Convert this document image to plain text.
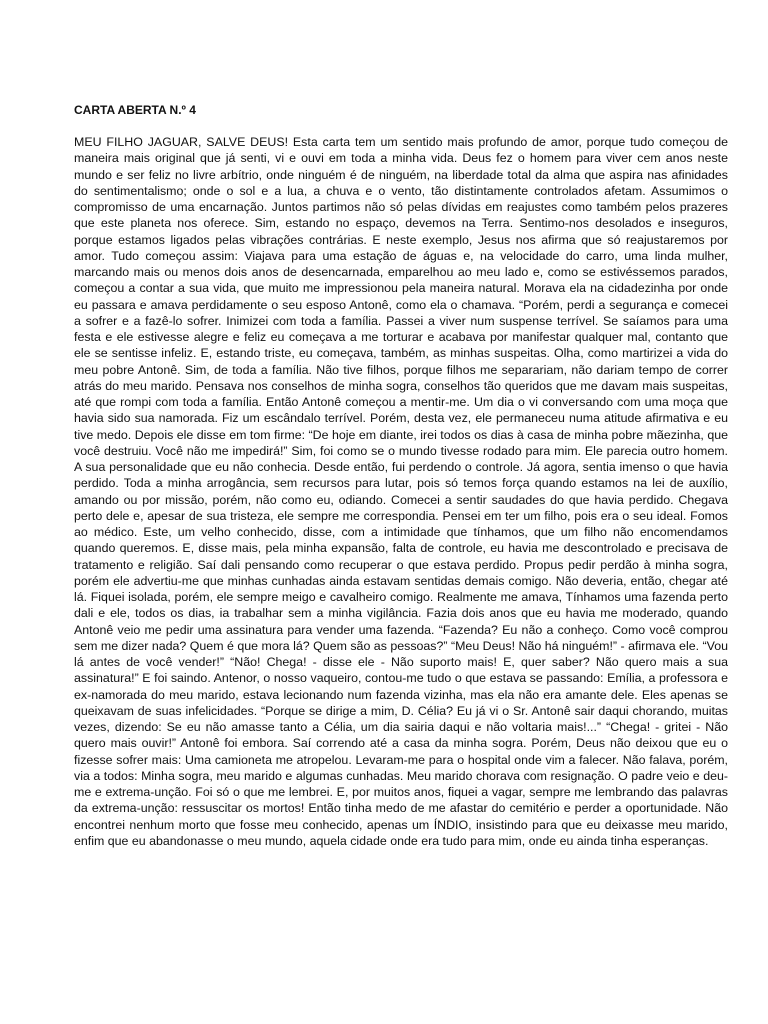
CARTA ABERTA N.º 4

MEU FILHO JAGUAR, SALVE DEUS! Esta carta tem um sentido mais profundo de amor, porque tudo começou de maneira mais original que já senti, vi e ouvi em toda a minha vida. Deus fez o homem para viver cem anos neste mundo e ser feliz no livre arbítrio, onde ninguém é de ninguém, na liberdade total da alma que aspira nas afinidades do sentimentalismo; onde o sol e a lua, a chuva e o vento, tão distintamente controlados afetam. Assumimos o compromisso de uma encarnação. Juntos partimos não só pelas dívidas em reajustes como também pelos prazeres que este planeta nos oferece. Sim, estando no espaço, devemos na Terra. Sentimo-nos desolados e inseguros, porque estamos ligados pelas vibrações contrárias. E neste exemplo, Jesus nos afirma que só reajustaremos por amor. Tudo começou assim: Viajava para uma estação de águas e, na velocidade do carro, uma linda mulher, marcando mais ou menos dois anos de desencarnada, emparelhou ao meu lado e, como se estivéssemos parados, começou a contar a sua vida, que muito me impressionou pela maneira natural. Morava ela na cidadezinha por onde eu passara e amava perdidamente o seu esposo Antonê, como ela o chamava. “Porém, perdi a segurança e comecei a sofrer e a fazê-lo sofrer. Inimizei com toda a família. Passei a viver num suspense terrível. Se saíamos para uma festa e ele estivesse alegre e feliz eu começava a me torturar e acabava por manifestar qualquer mal, contanto que ele se sentisse infeliz. E, estando triste, eu começava, também, as minhas suspeitas. Olha, como martirizei a vida do meu pobre Antonê. Sim, de toda a família. Não tive filhos, porque filhos me separariam, não dariam tempo de correr atrás do meu marido. Pensava nos conselhos de minha sogra, conselhos tão queridos que me davam mais suspeitas, até que rompi com toda a família. Então Antonê começou a mentir-me. Um dia o vi conversando com uma moça que havia sido sua namorada. Fiz um escândalo terrível. Porém, desta vez, ele permaneceu numa atitude afirmativa e eu tive medo. Depois ele disse em tom firme: “De hoje em diante, irei todos os dias à casa de minha pobre mãezinha, que você destruiu. Você não me impedirá!” Sim, foi como se o mundo tivesse rodado para mim. Ele parecia outro homem. A sua personalidade que eu não conhecia. Desde então, fui perdendo o controle. Já agora, sentia imenso o que havia perdido. Toda a minha arrogância, sem recursos para lutar, pois só temos força quando estamos na lei de auxílio, amando ou por missão, porém, não como eu, odiando. Comecei a sentir saudades do que havia perdido. Chegava perto dele e, apesar de sua tristeza, ele sempre me correspondia. Pensei em ter um filho, pois era o seu ideal. Fomos ao médico. Este, um velho conhecido, disse, com a intimidade que tínhamos, que um filho não encomendamos quando queremos. E, disse mais, pela minha expansão, falta de controle, eu havia me descontrolado e precisava de tratamento e religião. Saí dali pensando como recuperar o que estava perdido. Propus pedir perdão à minha sogra, porém ele advertiu-me que minhas cunhadas ainda estavam sentidas demais comigo. Não deveria, então, chegar até lá. Fiquei isolada, porém, ele sempre meigo e cavalheiro comigo. Realmente me amava, Tínhamos uma fazenda perto dali e ele, todos os dias, ia trabalhar sem a minha vigilância. Fazia dois anos que eu havia me moderado, quando Antonê veio me pedir uma assinatura para vender uma fazenda. “Fazenda? Eu não a conheço. Como você comprou sem me dizer nada? Quem é que mora lá? Quem são as pessoas?” “Meu Deus! Não há ninguém!” - afirmava ele. “Vou lá antes de você vender!” “Não! Chega! - disse ele - Não suporto mais! E, quer saber? Não quero mais a sua assinatura!” E foi saindo. Antenor, o nosso vaqueiro, contou-me tudo o que estava se passando: Emília, a professora e ex-namorada do meu marido, estava lecionando num fazenda vizinha, mas ela não era amante dele. Eles apenas se queixavam de suas infelicidades. “Porque se dirige a mim, D. Célia? Eu já vi o Sr. Antonê sair daqui chorando, muitas vezes, dizendo: Se eu não amasse tanto a Célia, um dia sairia daqui e não voltaria mais!...” “Chega! - gritei - Não quero mais ouvir!” Antonê foi embora. Saí correndo até a casa da minha sogra. Porém, Deus não deixou que eu o fizesse sofrer mais: Uma camioneta me atropelou. Levaram-me para o hospital onde vim a falecer. Não falava, porém, via a todos: Minha sogra, meu marido e algumas cunhadas. Meu marido chorava com resignação. O padre veio e deu-me e extrema-unção. Foi só o que me lembrei. E, por muitos anos, fiquei a vagar, sempre me lembrando das palavras da extrema-unção: ressuscitar os mortos! Então tinha medo de me afastar do cemitério e perder a oportunidade. Não encontrei nenhum morto que fosse meu conhecido, apenas um ÍNDIO, insistindo para que eu deixasse meu marido, enfim que eu abandonasse o meu mundo, aquela cidade onde era tudo para mim, onde eu ainda tinha esperanças.
